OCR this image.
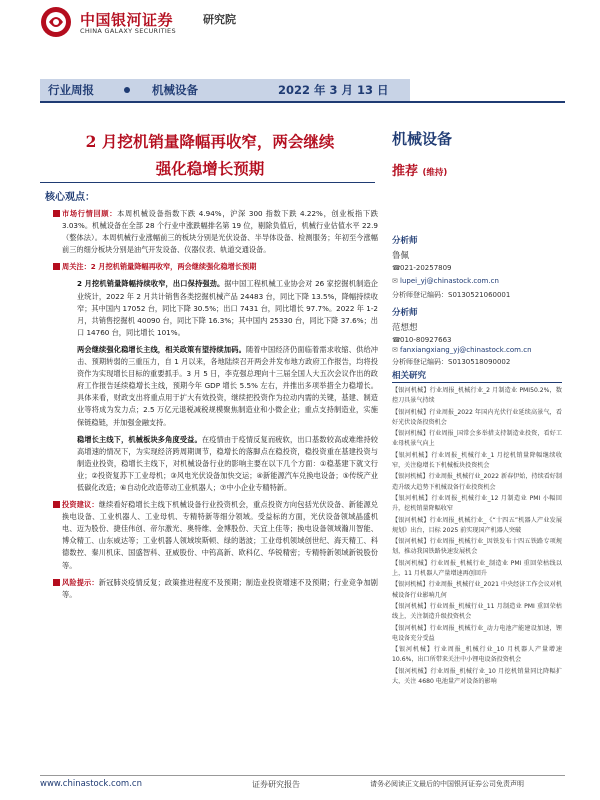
中国银河证券
CHINA GALAXY SECURITIES
研究院
行业周报	机械设备	2022 年 3 月 13 日
2 月挖机销量降幅再收窄，两会继续
强化稳增长预期
机械设备
推荐 (维持)
核心观点：
市场行情回顾：本周机械设备指数下跌 4.94%，沪深 300 指数下跌 4.22%，创业板指下跌 3.03%。机械设备在全部 28 个行业中涨跌幅排名第 19 位，剔除负值后，机械行业估值水平 22.9（整体法）。本周机械行业涨幅前三的板块分别是光伏设备、半导体设备、检测服务；年初至今涨幅前三的细分板块分别是油气开发设备、仪器仪表、轨道交通设备。
周关注：2 月挖机销量降幅再收窄，两会继续强化稳增长预期
2 月挖机销量降幅持续收窄，出口保持强劲。据中国工程机械工业协会对 26 家挖掘机制造企业统计，2022 年 2 月共计销售各类挖掘机械产品 24483 台，同比下降 13.5%，降幅持续收窄；其中国内 17052 台，同比下降 30.5%；出口 7431 台，同比增长 97.7%。2022 年 1-2 月，共销售挖掘机 40090 台，同比下降 16.3%；其中国内 25330 台，同比下降 37.6%；出口 14760 台，同比增长 101%。
两会继续强化稳增长主线，相关政策有望持续加码。随着中国经济仍面临着需求收缩、供给冲击、预期转弱的三重压力，自 1 月以来，各地陆续召开两会并发布地方政府工作报告，均将投资作为实现增长目标的重要抓手。3 月 5 日，李克强总理向十三届全国人大五次会议作出的政府工作报告延续稳增长主线，预期今年 GDP 增长 5.5% 左右，并推出多项举措全力稳增长。具体来看，财政支出将重点用于扩大有效投资，继续把投资作为拉动内需的关键，基建、制造业等将成为发力点；2.5 万亿元退税减税规模聚焦制造业和小微企业；重点支持制造业，实施保链稳链，并加强金融支持。
稳增长主线下，机械板块多角度受益。在疫情由于疫情反复而疲软，出口基数较高或难维持较高增速的情况下，为实现经济跨周期调节，稳增长的落脚点在稳投资，稳投资重在基建投资与制造业投资，稳增长主线下，对机械设备行业的影响主要在以下几个方面：①稳基建下就文行业；②投资复苏下工业母机；③风电光伏设备加快交运；④新能源汽车兑换电设备；⑤传统产业低碳化改造；⑥自动化改造带动工业机器人；⑦中小企业专精特新。
投资建议：继续看好稳增长主线下机械设备行业投资机会，重点投资方向包括光伏设备、新能源兑换电设备、工业机器人、工业母机、专精特新等细分领域。受益标的方面，光伏设备领域晶盛机电、迈为股份、捷佳伟创、帝尔激光、奥特维、金博股份、天宜上佳等；换电设备领域瀚川智能、博众精工、山东威达等；工业机器人领域埃斯顿、绿的谐波；工业母机领域创世纪、海天精工、科德数控、秦川机床、国盛智科、亚威股份、中钨高新、欧科亿、华锐精密；专精特新领域新锐股份等。
风险提示：新冠肺炎疫情反复；政策推进程度不及预期；制造业投资增速不及预期；行业竞争加剧等。
分析师
鲁佩
☎021-20257809
✉ lupei_yj@chinastock.com.cn
分析师登记编码：S0130521060001
分析师
范想想
☎010-80927663
✉ fanxiangxiang_yj@chinastock.com.cn
分析师登记编码：S0130518090002
相关研究
【银河机械】行业周报_机械行业_2 月制造业 PMI50.2%，数控刀具景气持续
【银河机械】行业周报_2022 年国内光伏行业延续高景气，看好光伏设备投资机会
【银河机械】行业周报_国常会多举措支持制造业投资，看好工业母机景气向上
【银河机械】行业周报_机械行业_1 月挖机销量降幅继续收窄，关注稳增长下机械板块投资机会
【银河机械】行业周报_机械行业_2022 新春伊始，持续看好制造升级大趋势下机械设备行业投资机会
【银河机械】行业周报_机械行业_12 月制造业 PMI 小幅回升，挖机销量降幅收窄
【银河机械】行业周报_机械行业_《“十四五”机器人产业发展规划》出台，目标 2025 前实现国产机器人突破
【银河机械】行业周报_机械行业_因铁发布十四五铁路专项规划，推动我国铁路快速发展机会
【银河机械】行业周报_机械行业_制造业 PMI 重回荣枯线以上，11 月机器人产量增速再创回升
【银河机械】行业周报_机械行业_2021 中央经济工作会议对机械设备行业影响几何
【银河机械】行业周报_机械行业_11 月制造业 PMI 重回荣枯线上，关注制造升级投资机会
【银河机械】行业周报_机械行业_动力电池产能建设加速，锂电设备充分受益
【银河机械】行业周报_机械行业_10 月机器人产量增速 10.6%，出口所带来关注中小锂电设备投资机会
【银河机械】行业周报_机械行业_10 月挖机销量同比降幅扩大，关注 4680 电池量产对设备的影响
www.chinastock.com.cn	证券研究报告	请务必阅读正文最后的中国银河证券公司免责声明
